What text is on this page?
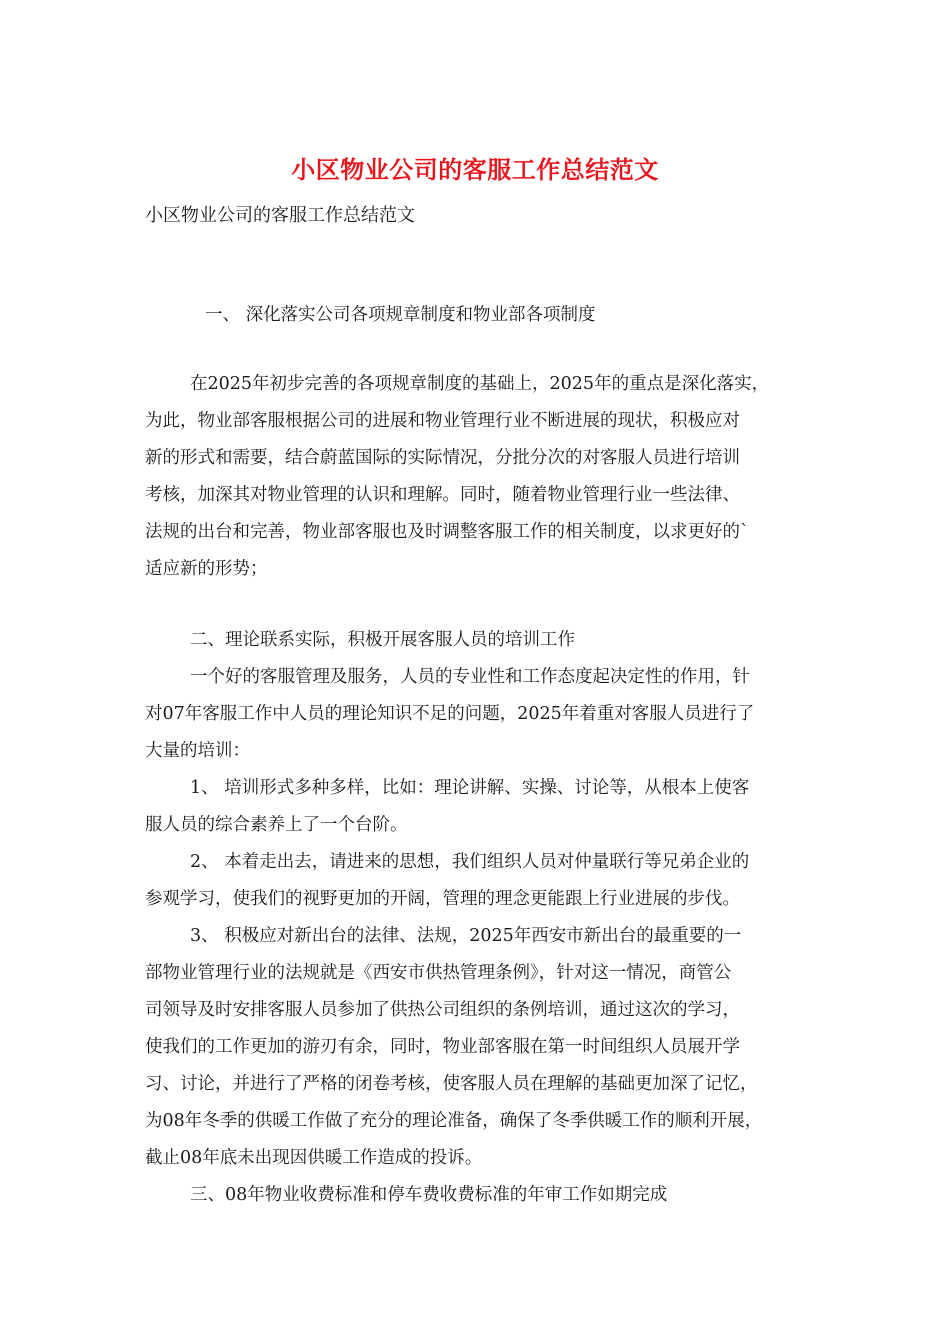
小区物业公司的客服工作总结范文
小区物业公司的客服工作总结范文
一、 深化落实公司各项规章制度和物业部各项制度
在2025年初步完善的各项规章制度的基础上，2025年的重点是深化落实，
为此，物业部客服根据公司的进展和物业管理行业不断进展的现状，积极应对
新的形式和需要，结合蔚蓝国际的实际情况，分批分次的对客服人员进行培训
考核，加深其对物业管理的认识和理解。同时，随着物业管理行业一些法律、
法规的出台和完善，物业部客服也及时调整客服工作的相关制度，以求更好的`
适应新的形势；
二、理论联系实际，积极开展客服人员的培训工作
一个好的客服管理及服务，人员的专业性和工作态度起决定性的作用，针
对07年客服工作中人员的理论知识不足的问题，2025年着重对客服人员进行了
大量的培训：
1、 培训形式多种多样，比如：理论讲解、实操、讨论等，从根本上使客
服人员的综合素养上了一个台阶。
2、 本着走出去，请进来的思想，我们组织人员对仲量联行等兄弟企业的
参观学习，使我们的视野更加的开阔，管理的理念更能跟上行业进展的步伐。
3、 积极应对新出台的法律、法规，2025年西安市新出台的最重要的一
部物业管理行业的法规就是《西安市供热管理条例》，针对这一情况，商管公
司领导及时安排客服人员参加了供热公司组织的条例培训，通过这次的学习，
使我们的工作更加的游刃有余，同时，物业部客服在第一时间组织人员展开学
习、讨论，并进行了严格的闭卷考核，使客服人员在理解的基础更加深了记忆，
为08年冬季的供暖工作做了充分的理论准备，确保了冬季供暖工作的顺利开展，
截止08年底未出现因供暖工作造成的投诉。
三、08年物业收费标准和停车费收费标准的年审工作如期完成
